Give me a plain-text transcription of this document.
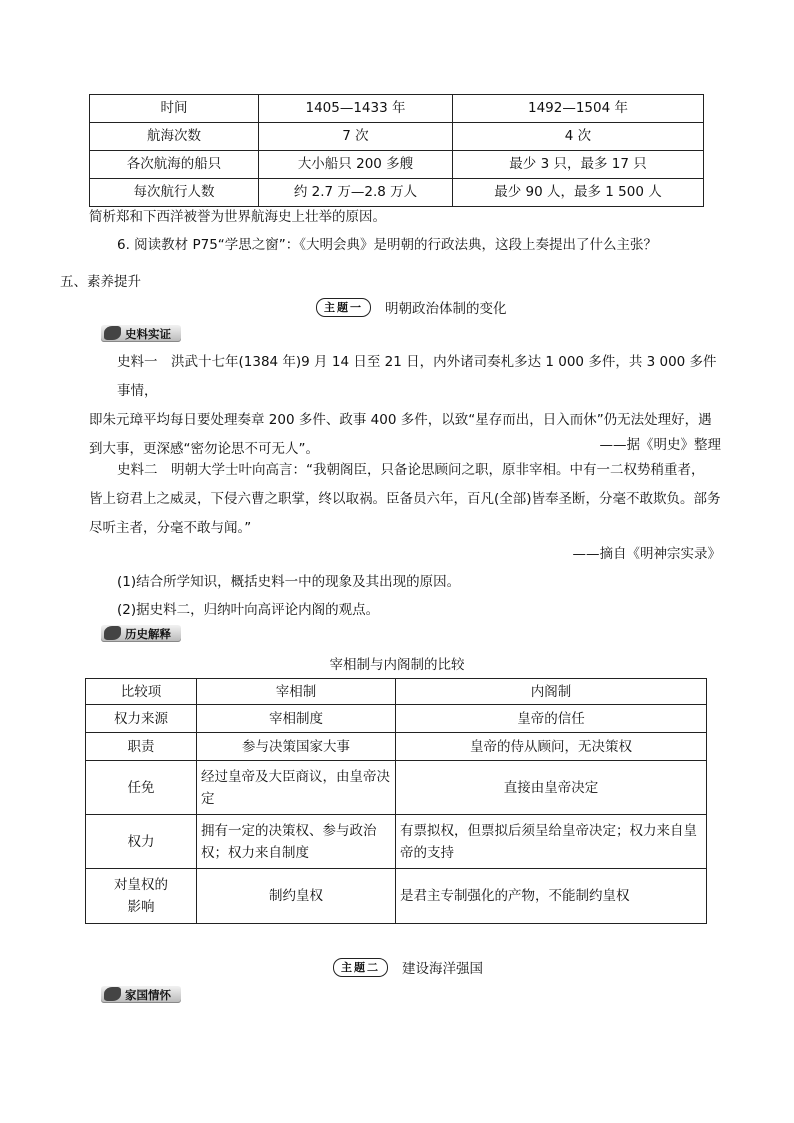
时间	1405—1433 年	1492—1504 年
航海次数	7 次	4 次
各次航海的船只	大小船只 200 多艘	最少 3 只，最多 17 只
每次航行人数	约 2.7 万—2.8 万人	最少 90 人，最多 1 500 人
简析郑和下西洋被誉为世界航海史上壮举的原因。
6. 阅读教材 P75“学思之窗”：《大明会典》是明朝的行政法典，这段上奏提出了什么主张？
五、素养提升
主题一	明朝政治体制的变化
史料实证
史料一　洪武十七年(1384 年)9 月 14 日至 21 日，内外诸司奏札多达 1 000 多件，共 3 000 多件事情，
即朱元璋平均每日要处理奏章 200 多件、政事 400 多件，以致“星存而出，日入而休”仍无法处理好，遇
到大事，更深感“密勿论思不可无人”。	——据《明史》整理
史料二　明朝大学士叶向高言：“我朝阁臣，只备论思顾问之职，原非宰相。中有一二权势稍重者，
皆上窃君上之威灵，下侵六曹之职掌，终以取祸。臣备员六年，百凡(全部)皆奉圣断，分毫不敢欺负。部务
尽听主者，分毫不敢与闻。”
——摘自《明神宗实录》
(1)结合所学知识，概括史料一中的现象及其出现的原因。
(2)据史料二，归纳叶向高评论内阁的观点。
历史解释
宰相制与内阁制的比较
比较项	宰相制	内阁制
权力来源	宰相制度	皇帝的信任
职责	参与决策国家大事	皇帝的侍从顾问，无决策权
任免	经过皇帝及大臣商议，由皇帝决定	直接由皇帝决定
权力	拥有一定的决策权、参与政治权；权力来自制度	有票拟权，但票拟后须呈给皇帝决定；权力来自皇帝的支持
对皇权的影响	制约皇权	是君主专制强化的产物，不能制约皇权
主题二	建设海洋强国
家国情怀
